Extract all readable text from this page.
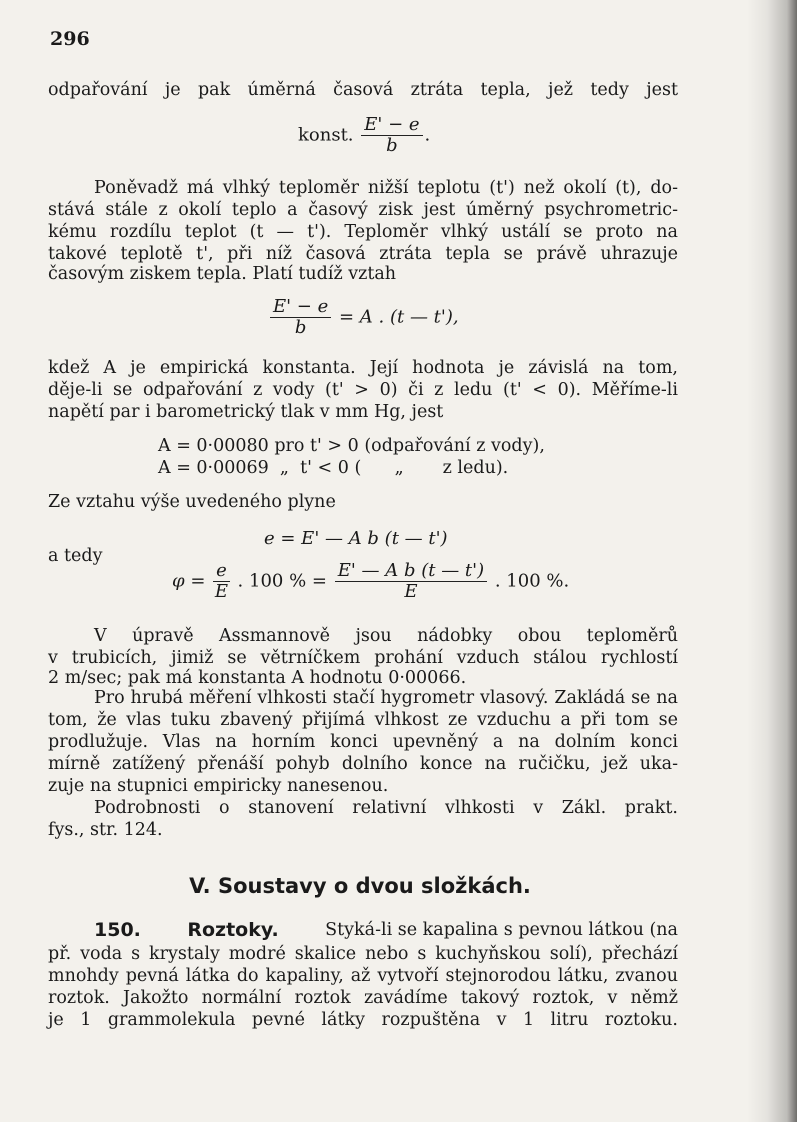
296
odpařování je pak úměrná časová ztráta tepla, jež tedy jest
konst. $\frac{E' - e}{b}$ .
Poněvadž má vlhký teploměr nižší teplotu (t') než okolí (t), do-
stává stále z okolí teplo a časový zisk jest úměrný psychrometric-
kému rozdílu teplot (t — t'). Teploměr vlhký ustálí se proto na
takové teplotě t', při níž časová ztráta tepla se právě uhrazuje
časovým ziskem tepla. Platí tudíž vztah
$\frac{E' - e}{b} = A$ . (t — t'),
kdež A je empirická konstanta. Její hodnota je závislá na tom,
děje-li se odpařování z vody (t' > 0) či z ledu (t' < 0). Měříme-li
napětí par i barometrický tlak v mm Hg, jest
A = 0·00080 pro t' > 0 (odpařování z vody),
A = 0·00069  „  t' < 0 (      „       z ledu).
Ze vztahu výše uvedeného plyne
e = E' — A b (t — t')
a tedy
$\varphi = \frac{e}{E}$ . 100 % = $\frac{\text{E' — A b (t — t')}}{E}$ . 100 %.
V úpravě Assmannově jsou nádobky obou teploměrů
v trubicích, jimiž se větrníčkem prohání vzduch stálou rychlostí
2 m/sec; pak má konstanta A hodnotu 0·00066.
Pro hrubá měření vlhkosti stačí hygrometr vlasový. Zakládá se na
tom, že vlas tuku zbavený přijímá vlhkost ze vzduchu a při tom se
prodlužuje. Vlas na horním konci upevněný a na dolním konci
mírně zatížený přenáší pohyb dolního konce na ručičku, jež uka-
zuje na stupnici empiricky nanesenou.
Podrobnosti o stanovení relativní vlhkosti v Zákl. prakt.
fys., str. 124.
V. Soustavy o dvou složkách.
150. Roztoky.	Styká-li se kapalina s pevnou látkou (na
př. voda s krystaly modré skalice nebo s kuchyňskou solí), přechází
mnohdy pevná látka do kapaliny, až vytvoří stejnorodou látku, zvanou
roztok. Jakožto normální roztok zavádíme takový roztok, v němž
je 1 grammolekula pevné látky rozpuštěna v 1 litru roztoku.
